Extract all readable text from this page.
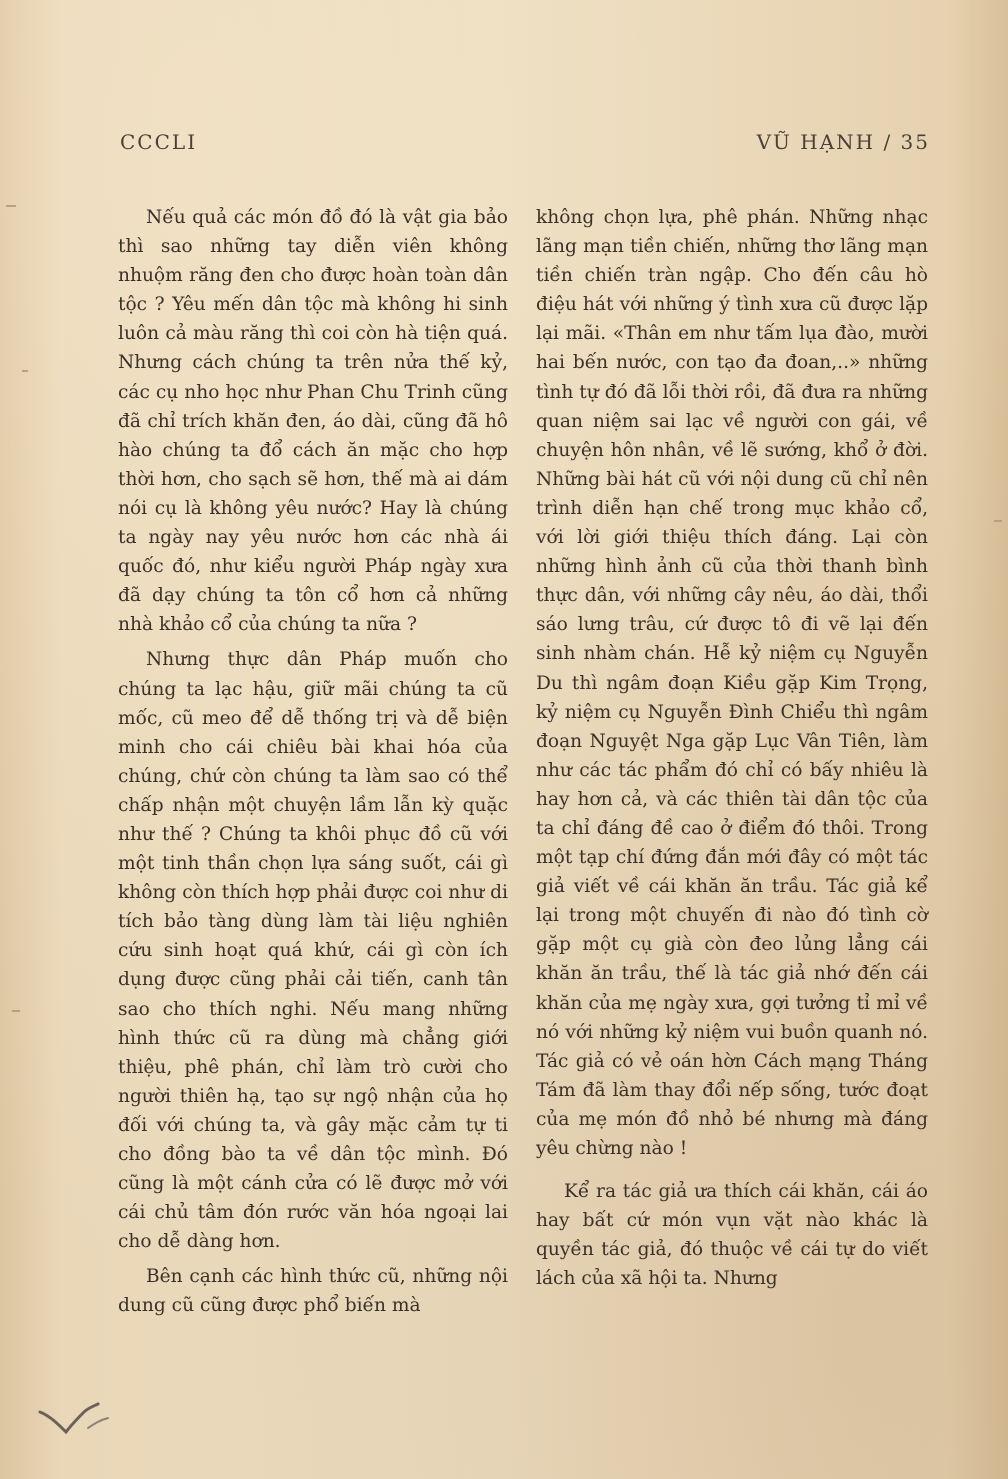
CCCLI	VŨ HẠNH / 35

Nếu quả các món đồ đó là vật gia bảo thì sao những tay diễn viên không nhuộm răng đen cho được hoàn toàn dân tộc ? Yêu mến dân tộc mà không hi sinh luôn cả màu răng thì coi còn hà tiện quá. Nhưng cách chúng ta trên nửa thế kỷ, các cụ nho học như Phan Chu Trinh cũng đã chỉ trích khăn đen, áo dài, cũng đã hô hào chúng ta đổ cách ăn mặc cho hợp thời hơn, cho sạch sẽ hơn, thế mà ai dám nói cụ là không yêu nước? Hay là chúng ta ngày nay yêu nước hơn các nhà ái quốc đó, như kiểu người Pháp ngày xưa đã dạy chúng ta tôn cổ hơn cả những nhà khảo cổ của chúng ta nữa ?

Nhưng thực dân Pháp muốn cho chúng ta lạc hậu, giữ mãi chúng ta cũ mốc, cũ meo để dễ thống trị và dễ biện minh cho cái chiêu bài khai hóa của chúng, chứ còn chúng ta làm sao có thể chấp nhận một chuyện lầm lẫn kỳ quặc như thế ? Chúng ta khôi phục đồ cũ với một tinh thần chọn lựa sáng suốt, cái gì không còn thích hợp phải được coi như di tích bảo tàng dùng làm tài liệu nghiên cứu sinh hoạt quá khứ, cái gì còn ích dụng được cũng phải cải tiến, canh tân sao cho thích nghi. Nếu mang những hình thức cũ ra dùng mà chẳng giới thiệu, phê phán, chỉ làm trò cười cho người thiên hạ, tạo sự ngộ nhận của họ đối với chúng ta, và gây mặc cảm tự ti cho đồng bào ta về dân tộc mình. Đó cũng là một cánh cửa có lẽ được mở với cái chủ tâm đón rước văn hóa ngoại lai cho dễ dàng hơn.

Bên cạnh các hình thức cũ, những nội dung cũ cũng được phổ biến mà

không chọn lựa, phê phán. Những nhạc lãng mạn tiền chiến, những thơ lãng mạn tiền chiến tràn ngập. Cho đến câu hò điệu hát với những ý tình xưa cũ được lặp lại mãi. «Thân em như tấm lụa đào, mười hai bến nước, con tạo đa đoan,..» những tình tự đó đã lỗi thời rồi, đã đưa ra những quan niệm sai lạc về người con gái, về chuyện hôn nhân, về lẽ sướng, khổ ở đời. Những bài hát cũ với nội dung cũ chỉ nên trình diễn hạn chế trong mục khảo cổ, với lời giới thiệu thích đáng. Lại còn những hình ảnh cũ của thời thanh bình thực dân, với những cây nêu, áo dài, thổi sáo lưng trâu, cứ được tô đi vẽ lại đến sinh nhàm chán. Hễ kỷ niệm cụ Nguyễn Du thì ngâm đoạn Kiều gặp Kim Trọng, kỷ niệm cụ Nguyễn Đình Chiểu thì ngâm đoạn Nguyệt Nga gặp Lục Vân Tiên, làm như các tác phẩm đó chỉ có bấy nhiêu là hay hơn cả, và các thiên tài dân tộc của ta chỉ đáng đề cao ở điểm đó thôi. Trong một tạp chí đứng đắn mới đây có một tác giả viết về cái khăn ăn trầu. Tác giả kể lại trong một chuyến đi nào đó tình cờ gặp một cụ già còn đeo lủng lẳng cái khăn ăn trầu, thế là tác giả nhớ đến cái khăn của mẹ ngày xưa, gợi tưởng tỉ mỉ về nó với những kỷ niệm vui buồn quanh nó. Tác giả có vẻ oán hờn Cách mạng Tháng Tám đã làm thay đổi nếp sống, tước đoạt của mẹ món đồ nhỏ bé nhưng mà đáng yêu chừng nào !

Kể ra tác giả ưa thích cái khăn, cái áo hay bất cứ món vụn vặt nào khác là quyền tác giả, đó thuộc về cái tự do viết lách của xã hội ta. Nhưng
